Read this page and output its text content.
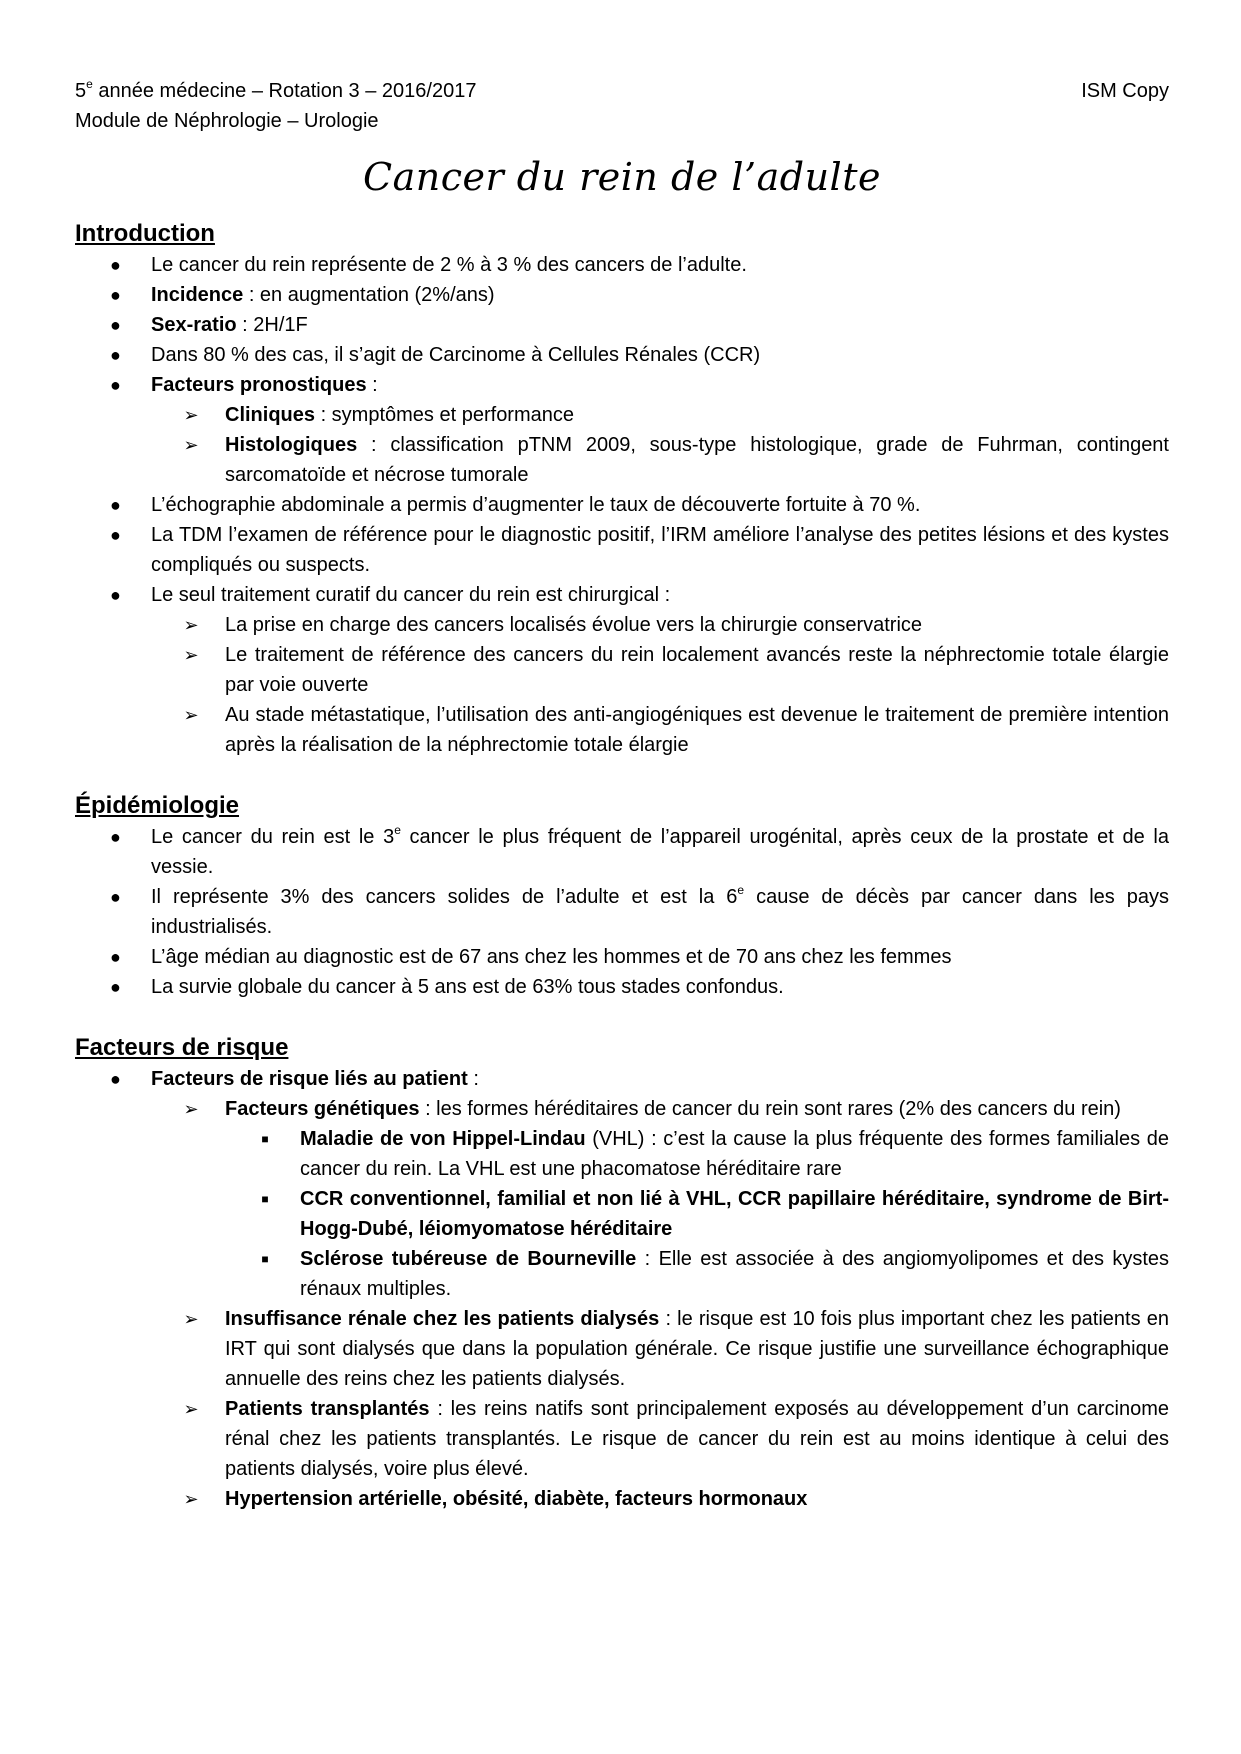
5e année médecine – Rotation 3 – 2016/2017	ISM Copy
Module de Néphrologie – Urologie
Cancer du rein de l’adulte
Introduction
● Le cancer du rein représente de 2 % à 3 % des cancers de l’adulte.
● Incidence : en augmentation (2%/ans)
● Sex-ratio : 2H/1F
● Dans 80 % des cas, il s’agit de Carcinome à Cellules Rénales (CCR)
● Facteurs pronostiques :
➢ Cliniques : symptômes et performance
➢ Histologiques : classification pTNM 2009, sous-type histologique, grade de Fuhrman, contingent sarcomatoïde et nécrose tumorale
● L’échographie abdominale a permis d’augmenter le taux de découverte fortuite à 70 %.
● La TDM l’examen de référence pour le diagnostic positif, l’IRM améliore l’analyse des petites lésions et des kystes compliqués ou suspects.
● Le seul traitement curatif du cancer du rein est chirurgical :
➢ La prise en charge des cancers localisés évolue vers la chirurgie conservatrice
➢ Le traitement de référence des cancers du rein localement avancés reste la néphrectomie totale élargie par voie ouverte
➢ Au stade métastatique, l’utilisation des anti-angiogéniques est devenue le traitement de première intention après la réalisation de la néphrectomie totale élargie
Épidémiologie
● Le cancer du rein est le 3e cancer le plus fréquent de l’appareil urogénital, après ceux de la prostate et de la vessie.
● Il représente 3% des cancers solides de l’adulte et est la 6e cause de décès par cancer dans les pays industrialisés.
● L’âge médian au diagnostic est de 67 ans chez les hommes et de 70 ans chez les femmes
● La survie globale du cancer à 5 ans est de 63% tous stades confondus.
Facteurs de risque
● Facteurs de risque liés au patient :
➢ Facteurs génétiques : les formes héréditaires de cancer du rein sont rares (2% des cancers du rein)
■ Maladie de von Hippel-Lindau (VHL) : c’est la cause la plus fréquente des formes familiales de cancer du rein. La VHL est une phacomatose héréditaire rare
■ CCR conventionnel, familial et non lié à VHL, CCR papillaire héréditaire, syndrome de Birt-Hogg-Dubé, léiomyomatose héréditaire
■ Sclérose tubéreuse de Bourneville : Elle est associée à des angiomyolipomes et des kystes rénaux multiples.
➢ Insuffisance rénale chez les patients dialysés : le risque est 10 fois plus important chez les patients en IRT qui sont dialysés que dans la population générale. Ce risque justifie une surveillance échographique annuelle des reins chez les patients dialysés.
➢ Patients transplantés : les reins natifs sont principalement exposés au développement d’un carcinome rénal chez les patients transplantés. Le risque de cancer du rein est au moins identique à celui des patients dialysés, voire plus élevé.
➢ Hypertension artérielle, obésité, diabète, facteurs hormonaux
